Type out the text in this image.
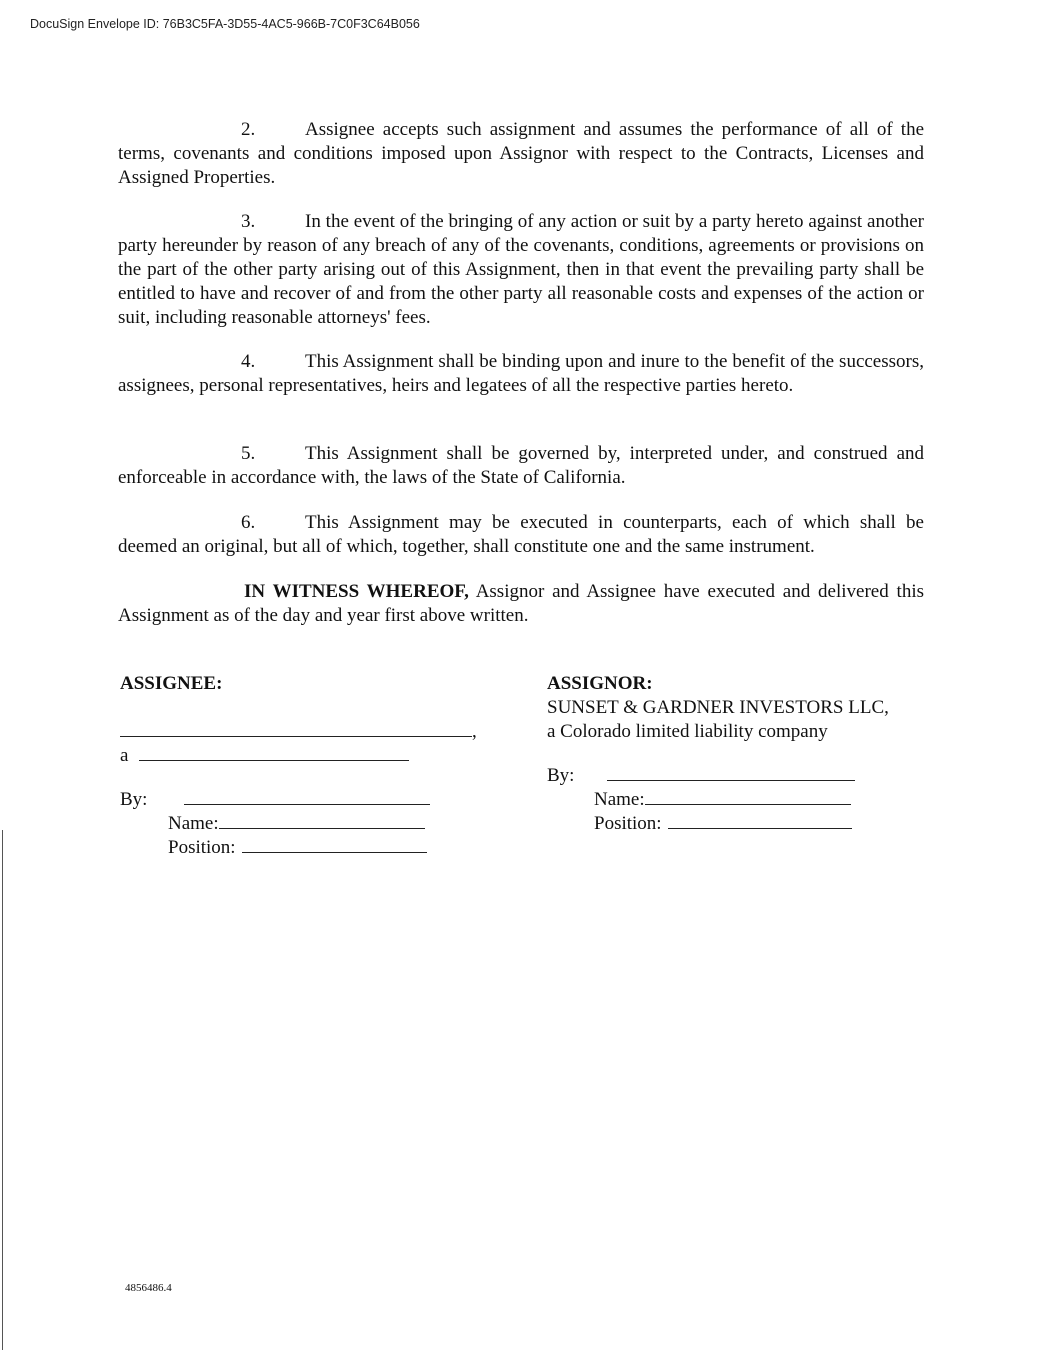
DocuSign Envelope ID: 76B3C5FA-3D55-4AC5-966B-7C0F3C64B056

2.	Assignee accepts such assignment and assumes the performance of all of the terms, covenants and conditions imposed upon Assignor with respect to the Contracts, Licenses and Assigned Properties.

3.	In the event of the bringing of any action or suit by a party hereto against another party hereunder by reason of any breach of any of the covenants, conditions, agreements or provisions on the part of the other party arising out of this Assignment, then in that event the prevailing party shall be entitled to have and recover of and from the other party all reasonable costs and expenses of the action or suit, including reasonable attorneys' fees.

4.	This Assignment shall be binding upon and inure to the benefit of the successors, assignees, personal representatives, heirs and legatees of all the respective parties hereto.

5.	This Assignment shall be governed by, interpreted under, and construed and enforceable in accordance with, the laws of the State of California.

6.	This Assignment may be executed in counterparts, each of which shall be deemed an original, but all of which, together, shall constitute one and the same instrument.

IN WITNESS WHEREOF, Assignor and Assignee have executed and delivered this Assignment as of the day and year first above written.

ASSIGNEE:
,
a
By:
Name:
Position:
ASSIGNOR:
SUNSET & GARDNER INVESTORS LLC,
a Colorado limited liability company
By:
Name:
Position:
4856486.4
